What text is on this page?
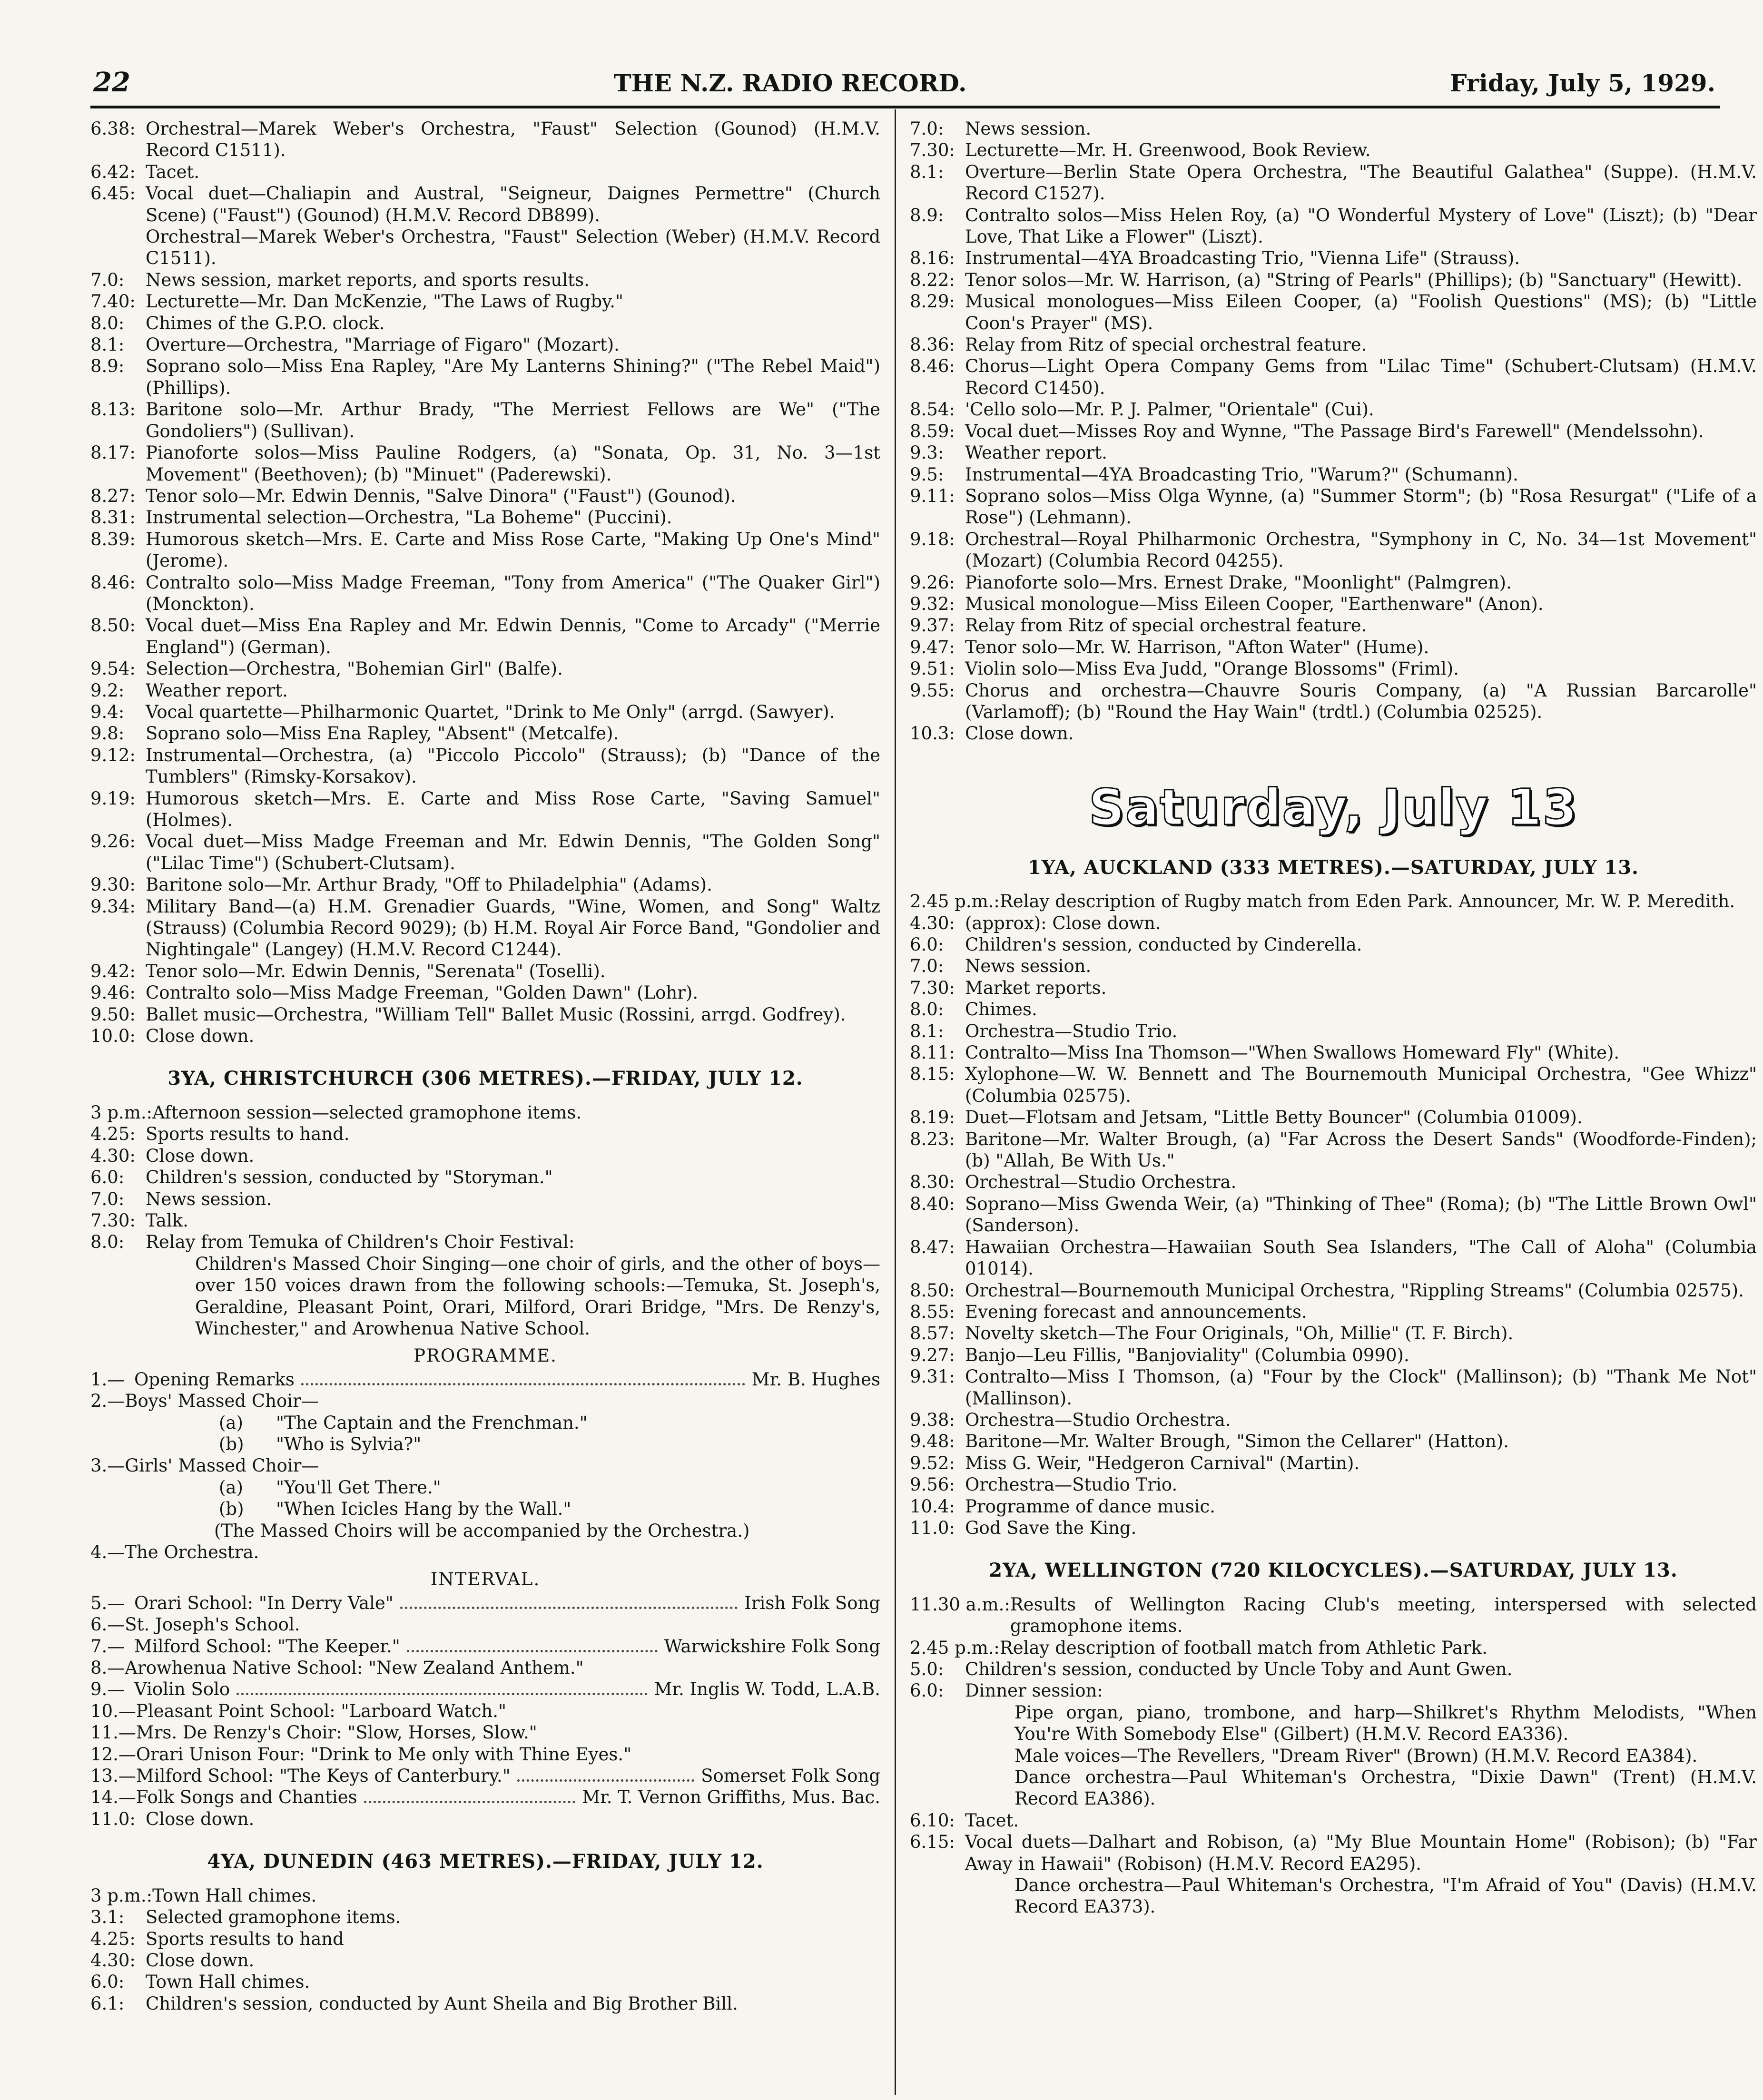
22	THE N.Z. RADIO RECORD.	Friday, July 5, 1929.
6.38: Orchestral—Marek Weber's Orchestra, "Faust" Selection (Gounod) (H.M.V. Record C1511).
6.42: Tacet.
6.45: Vocal duet—Chaliapin and Austral, "Seigneur, Daignes Permettre" (Church Scene) ("Faust") (Gounod) (H.M.V. Record DB899).
Orchestral—Marek Weber's Orchestra, "Faust" Selection (Weber) (H.M.V. Record C1511).
7.0:	News session, market reports, and sports results.
7.40: Lecturette—Mr. Dan McKenzie, "The Laws of Rugby."
8.0:	Chimes of the G.P.O. clock.
8.1:	Overture—Orchestra, "Marriage of Figaro" (Mozart).
8.9:	Soprano solo—Miss Ena Rapley, "Are My Lanterns Shining?" ("The Rebel Maid") (Phillips).
8.13: Baritone solo—Mr. Arthur Brady, "The Merriest Fellows are We" ("The Gondoliers") (Sullivan).
8.17: Pianoforte solos—Miss Pauline Rodgers, (a) "Sonata, Op. 31, No. 3—1st Movement" (Beethoven); (b) "Minuet" (Paderewski).
8.27: Tenor solo—Mr. Edwin Dennis, "Salve Dinora" ("Faust") (Gounod).
8.31: Instrumental selection—Orchestra, "La Boheme" (Puccini).
8.39: Humorous sketch—Mrs. E. Carte and Miss Rose Carte, "Making Up One's Mind" (Jerome).
8.46: Contralto solo—Miss Madge Freeman, "Tony from America" ("The Quaker Girl") (Monckton).
8.50: Vocal duet—Miss Ena Rapley and Mr. Edwin Dennis, "Come to Arcady" ("Merrie England") (German).
9.54: Selection—Orchestra, "Bohemian Girl" (Balfe).
9.2:	Weather report.
9.4:	Vocal quartette—Philharmonic Quartet, "Drink to Me Only" (arrgd. (Sawyer).
9.8:	Soprano solo—Miss Ena Rapley, "Absent" (Metcalfe).
9.12: Instrumental—Orchestra, (a) "Piccolo Piccolo" (Strauss); (b) "Dance of the Tumblers" (Rimsky-Korsakov).
9.19: Humorous sketch—Mrs. E. Carte and Miss Rose Carte, "Saving Samuel" (Holmes).
9.26: Vocal duet—Miss Madge Freeman and Mr. Edwin Dennis, "The Golden Song" ("Lilac Time") (Schubert-Clutsam).
9.30: Baritone solo—Mr. Arthur Brady, "Off to Philadelphia" (Adams).
9.34: Military Band—(a) H.M. Grenadier Guards, "Wine, Women, and Song" Waltz (Strauss) (Columbia Record 9029); (b) H.M. Royal Air Force Band, "Gondolier and Nightingale" (Langey) (H.M.V. Record C1244).
9.42: Tenor solo—Mr. Edwin Dennis, "Serenata" (Toselli).
9.46: Contralto solo—Miss Madge Freeman, "Golden Dawn" (Lohr).
9.50: Ballet music—Orchestra, "William Tell" Ballet Music (Rossini, arrgd. Godfrey).
10.0: Close down.
3YA, CHRISTCHURCH (306 METRES).—FRIDAY, JULY 12.
3 p.m.: Afternoon session—selected gramophone items.
4.25: Sports results to hand.
4.30: Close down.
6.0:	Children's session, conducted by "Storyman."
7.0:	News session.
7.30: Talk.
8.0:	Relay from Temuka of Children's Choir Festival:
Children's Massed Choir Singing—one choir of girls, and the other of boys—over 150 voices drawn from the following schools:—Temuka, St. Joseph's, Geraldine, Pleasant Point, Orari, Milford, Orari Bridge, "Mrs. De Renzy's, Winchester," and Arowhenua Native School.
PROGRAMME.
1.— Opening Remarks	Mr. B. Hughes
2.—Boys' Massed Choir—
(a)	"The Captain and the Frenchman."
(b)	"Who is Sylvia?"
3.—Girls' Massed Choir—
(a)	"You'll Get There."
(b)	"When Icicles Hang by the Wall."
(The Massed Choirs will be accompanied by the Orchestra.)
4.—The Orchestra.
INTERVAL.
5.— Orari School: "In Derry Vale"	Irish Folk Song
6.—St. Joseph's School.
7.— Milford School: "The Keeper."	Warwickshire Folk Song
8.—Arowhenua Native School: "New Zealand Anthem."
9.— Violin Solo	Mr. Inglis W. Todd, L.A.B.
10.—Pleasant Point School: "Larboard Watch."
11.—Mrs. De Renzy's Choir: "Slow, Horses, Slow."
12.—Orari Unison Four: "Drink to Me only with Thine Eyes."
13.— Milford School: "The Keys of Canterbury."	Somerset Folk Song
14.— Folk Songs and Chanties	Mr. T. Vernon Griffiths, Mus. Bac.
11.0: Close down.
4YA, DUNEDIN (463 METRES).—FRIDAY, JULY 12.
3 p.m.: Town Hall chimes.
3.1:	Selected gramophone items.
4.25: Sports results to hand
4.30: Close down.
6.0:	Town Hall chimes.
6.1:	Children's session, conducted by Aunt Sheila and Big Brother Bill.
7.0:	News session.
7.30: Lecturette—Mr. H. Greenwood, Book Review.
8.1:	Overture—Berlin State Opera Orchestra, "The Beautiful Galathea" (Suppe). (H.M.V. Record C1527).
8.9:	Contralto solos—Miss Helen Roy, (a) "O Wonderful Mystery of Love" (Liszt); (b) "Dear Love, That Like a Flower" (Liszt).
8.16: Instrumental—4YA Broadcasting Trio, "Vienna Life" (Strauss).
8.22: Tenor solos—Mr. W. Harrison, (a) "String of Pearls" (Phillips); (b) "Sanctuary" (Hewitt).
8.29: Musical monologues—Miss Eileen Cooper, (a) "Foolish Questions" (MS); (b) "Little Coon's Prayer" (MS).
8.36: Relay from Ritz of special orchestral feature.
8.46: Chorus—Light Opera Company Gems from "Lilac Time" (Schubert-Clutsam) (H.M.V. Record C1450).
8.54: 'Cello solo—Mr. P. J. Palmer, "Orientale" (Cui).
8.59: Vocal duet—Misses Roy and Wynne, "The Passage Bird's Farewell" (Mendelssohn).
9.3:	Weather report.
9.5:	Instrumental—4YA Broadcasting Trio, "Warum?" (Schumann).
9.11: Soprano solos—Miss Olga Wynne, (a) "Summer Storm"; (b) "Rosa Resurgat" ("Life of a Rose") (Lehmann).
9.18: Orchestral—Royal Philharmonic Orchestra, "Symphony in C, No. 34—1st Movement" (Mozart) (Columbia Record 04255).
9.26: Pianoforte solo—Mrs. Ernest Drake, "Moonlight" (Palmgren).
9.32: Musical monologue—Miss Eileen Cooper, "Earthenware" (Anon).
9.37: Relay from Ritz of special orchestral feature.
9.47: Tenor solo—Mr. W. Harrison, "Afton Water" (Hume).
9.51: Violin solo—Miss Eva Judd, "Orange Blossoms" (Friml).
9.55: Chorus and orchestra—Chauvre Souris Company, (a) "A Russian Barcarolle" (Varlamoff); (b) "Round the Hay Wain" (trdtl.) (Columbia 02525).
10.3: Close down.
Saturday, July 13
1YA, AUCKLAND (333 METRES).—SATURDAY, JULY 13.
2.45 p.m.: Relay description of Rugby match from Eden Park. Announcer, Mr. W. P. Meredith.
4.30: (approx): Close down.
6.0:	Children's session, conducted by Cinderella.
7.0:	News session.
7.30: Market reports.
8.0:	Chimes.
8.1:	Orchestra—Studio Trio.
8.11: Contralto—Miss Ina Thomson—"When Swallows Homeward Fly" (White).
8.15: Xylophone—W. W. Bennett and The Bournemouth Municipal Orchestra, "Gee Whizz" (Columbia 02575).
8.19: Duet—Flotsam and Jetsam, "Little Betty Bouncer" (Columbia 01009).
8.23: Baritone—Mr. Walter Brough, (a) "Far Across the Desert Sands" (Woodforde-Finden); (b) "Allah, Be With Us."
8.30: Orchestral—Studio Orchestra.
8.40: Soprano—Miss Gwenda Weir, (a) "Thinking of Thee" (Roma); (b) "The Little Brown Owl" (Sanderson).
8.47: Hawaiian Orchestra—Hawaiian South Sea Islanders, "The Call of Aloha" (Columbia 01014).
8.50: Orchestral—Bournemouth Municipal Orchestra, "Rippling Streams" (Columbia 02575).
8.55: Evening forecast and announcements.
8.57: Novelty sketch—The Four Originals, "Oh, Millie" (T. F. Birch).
9.27: Banjo—Leu Fillis, "Banjoviality" (Columbia 0990).
9.31: Contralto—Miss I Thomson, (a) "Four by the Clock" (Mallinson); (b) "Thank Me Not" (Mallinson).
9.38: Orchestra—Studio Orchestra.
9.48: Baritone—Mr. Walter Brough, "Simon the Cellarer" (Hatton).
9.52: Miss G. Weir, "Hedgeron Carnival" (Martin).
9.56: Orchestra—Studio Trio.
10.4: Programme of dance music.
11.0: God Save the King.
2YA, WELLINGTON (720 KILOCYCLES).—SATURDAY, JULY 13.
11.30 a.m.: Results of Wellington Racing Club's meeting, interspersed with selected gramophone items.
2.45 p.m.: Relay description of football match from Athletic Park.
5.0:	Children's session, conducted by Uncle Toby and Aunt Gwen.
6.0:	Dinner session:
Pipe organ, piano, trombone, and harp—Shilkret's Rhythm Melodists, "When You're With Somebody Else" (Gilbert) (H.M.V. Record EA336).
Male voices—The Revellers, "Dream River" (Brown) (H.M.V. Record EA384).
Dance orchestra—Paul Whiteman's Orchestra, "Dixie Dawn" (Trent) (H.M.V. Record EA386).
6.10: Tacet.
6.15: Vocal duets—Dalhart and Robison, (a) "My Blue Mountain Home" (Robison); (b) "Far Away in Hawaii" (Robison) (H.M.V. Record EA295).
Dance orchestra—Paul Whiteman's Orchestra, "I'm Afraid of You" (Davis) (H.M.V. Record EA373).
